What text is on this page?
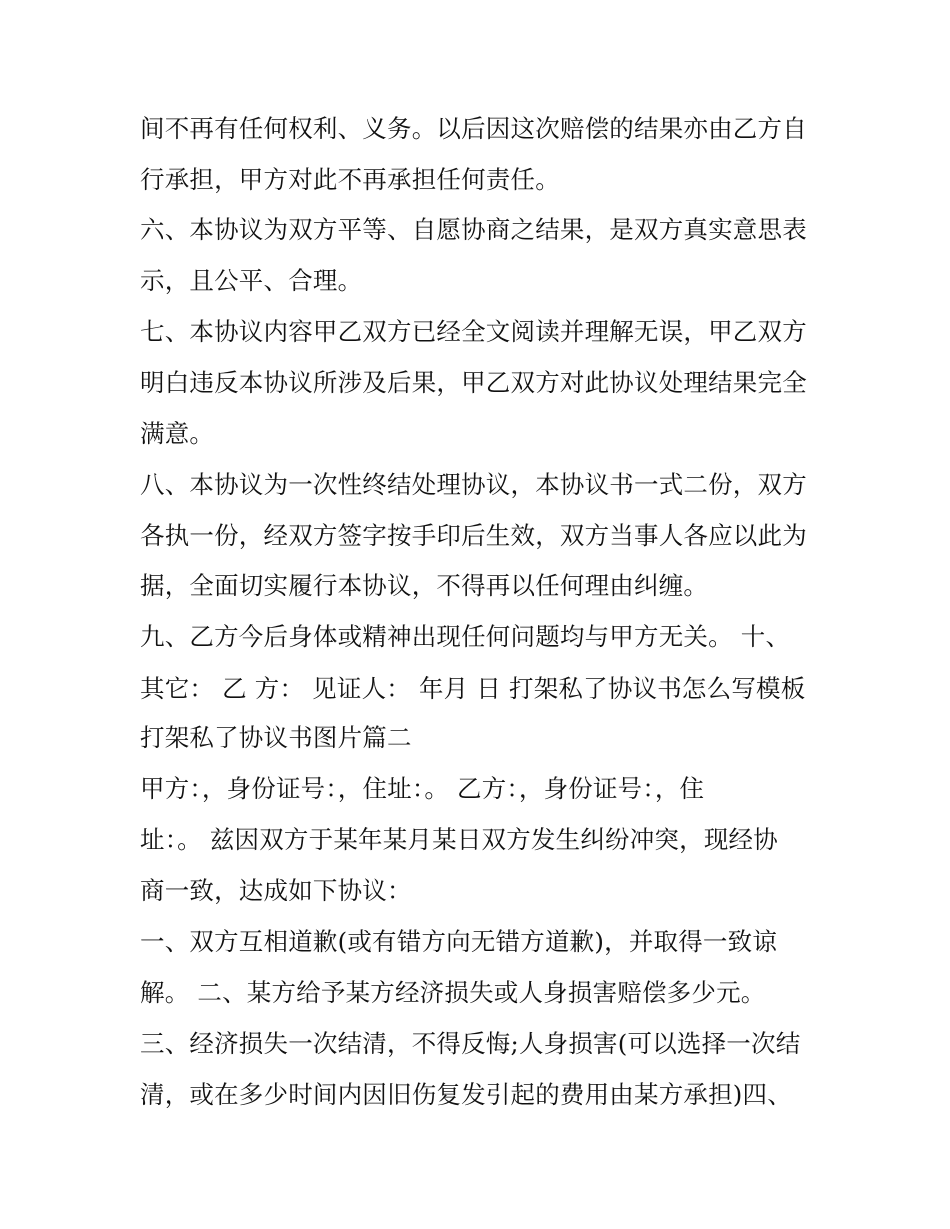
间不再有任何权利、义务。以后因这次赔偿的结果亦由乙方自
行承担，甲方对此不再承担任何责任。
六、本协议为双方平等、自愿协商之结果，是双方真实意思表
示，且公平、合理。
七、本协议内容甲乙双方已经全文阅读并理解无误，甲乙双方
明白违反本协议所涉及后果，甲乙双方对此协议处理结果完全
满意。
八、本协议为一次性终结处理协议，本协议书一式二份，双方
各执一份，经双方签字按手印后生效，双方当事人各应以此为
据，全面切实履行本协议，不得再以任何理由纠缠。
九、乙方今后身体或精神出现任何问题均与甲方无关。 十、
其它： 乙 方： 见证人： 年月 日 打架私了协议书怎么写模板
打架私了协议书图片篇二
甲方：，身份证号：，住址：。 乙方：，身份证号：，住
址：。 兹因双方于某年某月某日双方发生纠纷冲突，现经协
商一致，达成如下协议：
一、双方互相道歉(或有错方向无错方道歉)，并取得一致谅
解。 二、某方给予某方经济损失或人身损害赔偿多少元。
三、经济损失一次结清，不得反悔;人身损害(可以选择一次结
清，或在多少时间内因旧伤复发引起的费用由某方承担)四、
